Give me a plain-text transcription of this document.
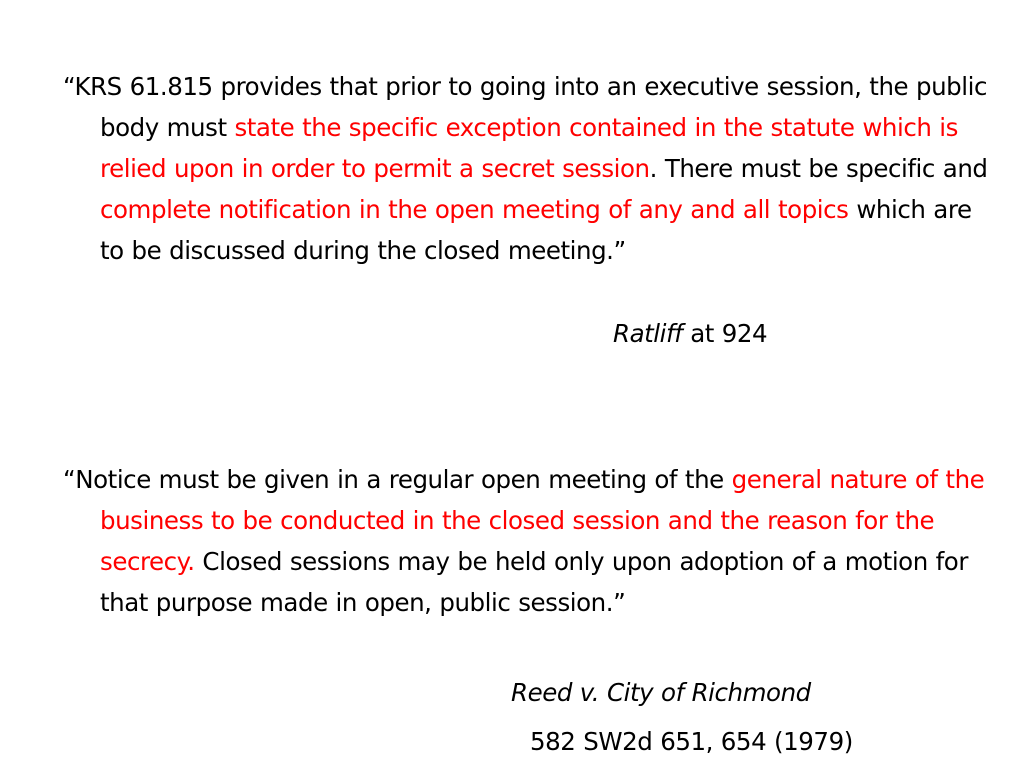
“KRS 61.815 provides that prior to going into an executive session, the public body must state the specific exception contained in the statute which is relied upon in order to permit a secret session. There must be specific and complete notification in the open meeting of any and all topics which are to be discussed during the closed meeting.”

Ratliff at 924

“Notice must be given in a regular open meeting of the general nature of the business to be conducted in the closed session and the reason for the secrecy. Closed sessions may be held only upon adoption of a motion for that purpose made in open, public session.”

Reed v. City of Richmond
582 SW2d 651, 654 (1979)
